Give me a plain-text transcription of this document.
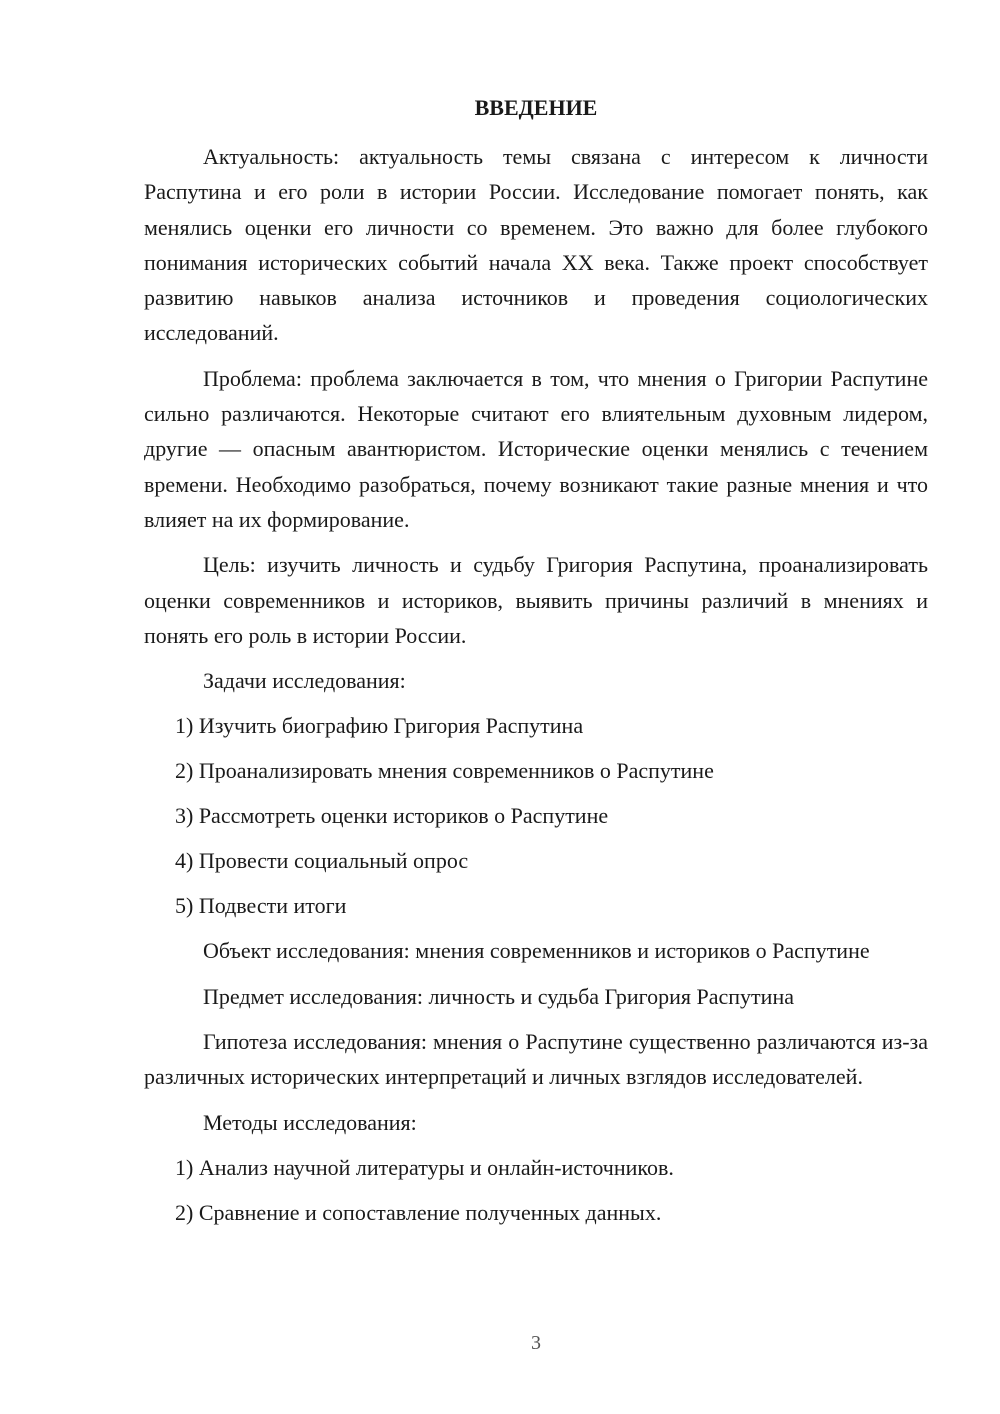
ВВЕДЕНИЕ

Актуальность: актуальность темы связана с интересом к личности Распутина и его роли в истории России. Исследование помогает понять, как менялись оценки его личности со временем. Это важно для более глубокого понимания исторических событий начала XX века. Также проект способствует развитию навыков анализа источников и проведения социологических исследований.

Проблема: проблема заключается в том, что мнения о Григории Распутине сильно различаются. Некоторые считают его влиятельным духовным лидером, другие — опасным авантюристом. Исторические оценки менялись с течением времени. Необходимо разобраться, почему возникают такие разные мнения и что влияет на их формирование.

Цель: изучить личность и судьбу Григория Распутина, проанализировать оценки современников и историков, выявить причины различий в мнениях и понять его роль в истории России.

Задачи исследования:

1) Изучить биографию Григория Распутина
2) Проанализировать мнения современников о Распутине
3) Рассмотреть оценки историков о Распутине
4) Провести социальный опрос
5) Подвести итоги

Объект исследования: мнения современников и историков о Распутине

Предмет исследования: личность и судьба Григория Распутина

Гипотеза исследования: мнения о Распутине существенно различаются из-за различных исторических интерпретаций и личных взглядов исследователей.

Методы исследования:

1) Анализ научной литературы и онлайн-источников.
2) Сравнение и сопоставление полученных данных.
3
